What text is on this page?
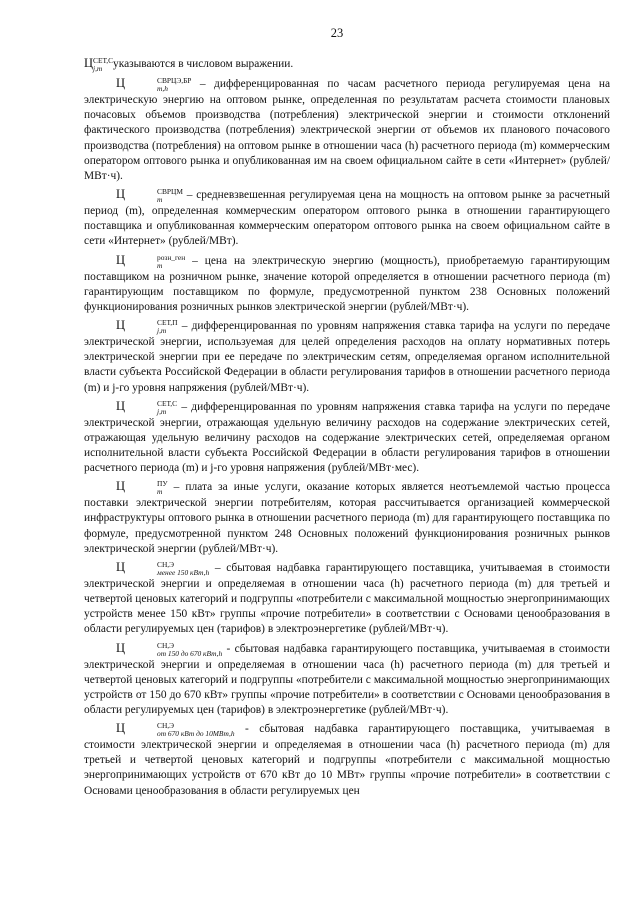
23

Ц СЕТ,С
j,m указываются в числовом выражении.

Ц	СВРЦЭ,БР
m,h	– дифференцированная по часам расчетного периода регулируемая цена на электрическую энергию на оптовом рынке, определенная по результатам расчета стоимости плановых почасовых объемов производства (потребления) электрической энергии и стоимости отклонений фактического производства (потребления) электрической энергии от объемов их планового почасового производства (потребления) на оптовом рынке в отношении часа (h) расчетного периода (m) коммерческим оператором оптового рынка и опубликованная им на своем официальном сайте в сети «Интернет» (рублей/МВт·ч).

Ц	СВРЦМ
m	– средневзвешенная регулируемая цена на мощность на оптовом рынке за расчетный период (m), определенная коммерческим оператором оптового рынка в отношении гарантирующего поставщика и опубликованная коммерческим оператором оптового рынка на своем официальном сайте в сети «Интернет» (рублей/МВт).

Ц	розн_ген
m	– цена на электрическую энергию (мощность), приобретаемую гарантирующим поставщиком на розничном рынке, значение которой определяется в отношении расчетного периода (m) гарантирующим поставщиком по формуле, предусмотренной пунктом 238 Основных положений функционирования розничных рынков электрической энергии (рублей/МВт·ч).

Ц	СЕТ,П
j,m – дифференцированная по уровням напряжения ставка тарифа на услуги по передаче электрической энергии, используемая для целей определения расходов на оплату нормативных потерь электрической энергии при ее передаче по электрическим сетям, определяемая органом исполнительной власти субъекта Российской Федерации в области регулирования тарифов в отношении расчетного периода (m) и j-го уровня напряжения (рублей/МВт·ч).

Ц	СЕТ,С
j,m – дифференцированная по уровням напряжения ставка тарифа на услуги по передаче электрической энергии, отражающая удельную величину расходов на содержание электрических сетей, отражающая удельную величину расходов на содержание электрических сетей, определяемая органом исполнительной власти субъекта Российской Федерации в области регулирования тарифов в отношении расчетного периода (m) и j-го уровня напряжения (рублей/МВт·мес).

Ц	ПУ
m – плата за иные услуги, оказание которых является неотъемлемой частью процесса поставки электрической энергии потребителям, которая рассчитывается организацией коммерческой инфраструктуры оптового рынка в отношении расчетного периода (m) для гарантирующего поставщика по формуле, предусмотренной пунктом 248 Основных положений функционирования розничных рынков электрической энергии (рублей/МВт·ч).

Ц	СН,Э
менее 150 кВт,h – сбытовая надбавка гарантирующего поставщика, учитываемая в стоимости электрической энергии и определяемая в отношении часа (h) расчетного периода (m) для третьей и четвертой ценовых категорий и подгруппы «потребители с максимальной мощностью энергопринимающих устройств менее 150 кВт» группы «прочие потребители» в соответствии с Основами ценообразования в области регулируемых цен (тарифов) в электроэнергетике (рублей/МВт·ч).

Ц	СН,Э
от 150 до 670 кВт,h - сбытовая надбавка гарантирующего поставщика, учитываемая в стоимости электрической энергии и определяемая в отношении часа (h) расчетного периода (m) для третьей и четвертой ценовых категорий и подгруппы «потребители с максимальной мощностью энергопринимающих устройств от 150 до 670 кВт» группы «прочие потребители» в соответствии с Основами ценообразования в области регулируемых цен (тарифов) в электроэнергетике (рублей/МВт·ч).

Ц	СН,Э
от 670 кВт до 10МВт,h - сбытовая надбавка гарантирующего поставщика, учитываемая в стоимости электрической энергии и определяемая в отношении часа (h) расчетного периода (m) для третьей и четвертой ценовых категорий и подгруппы «потребители с максимальной мощностью энергопринимающих устройств от 670 кВт до 10 МВт» группы «прочие потребители» в соответствии с Основами ценообразования в области регулируемых цен
